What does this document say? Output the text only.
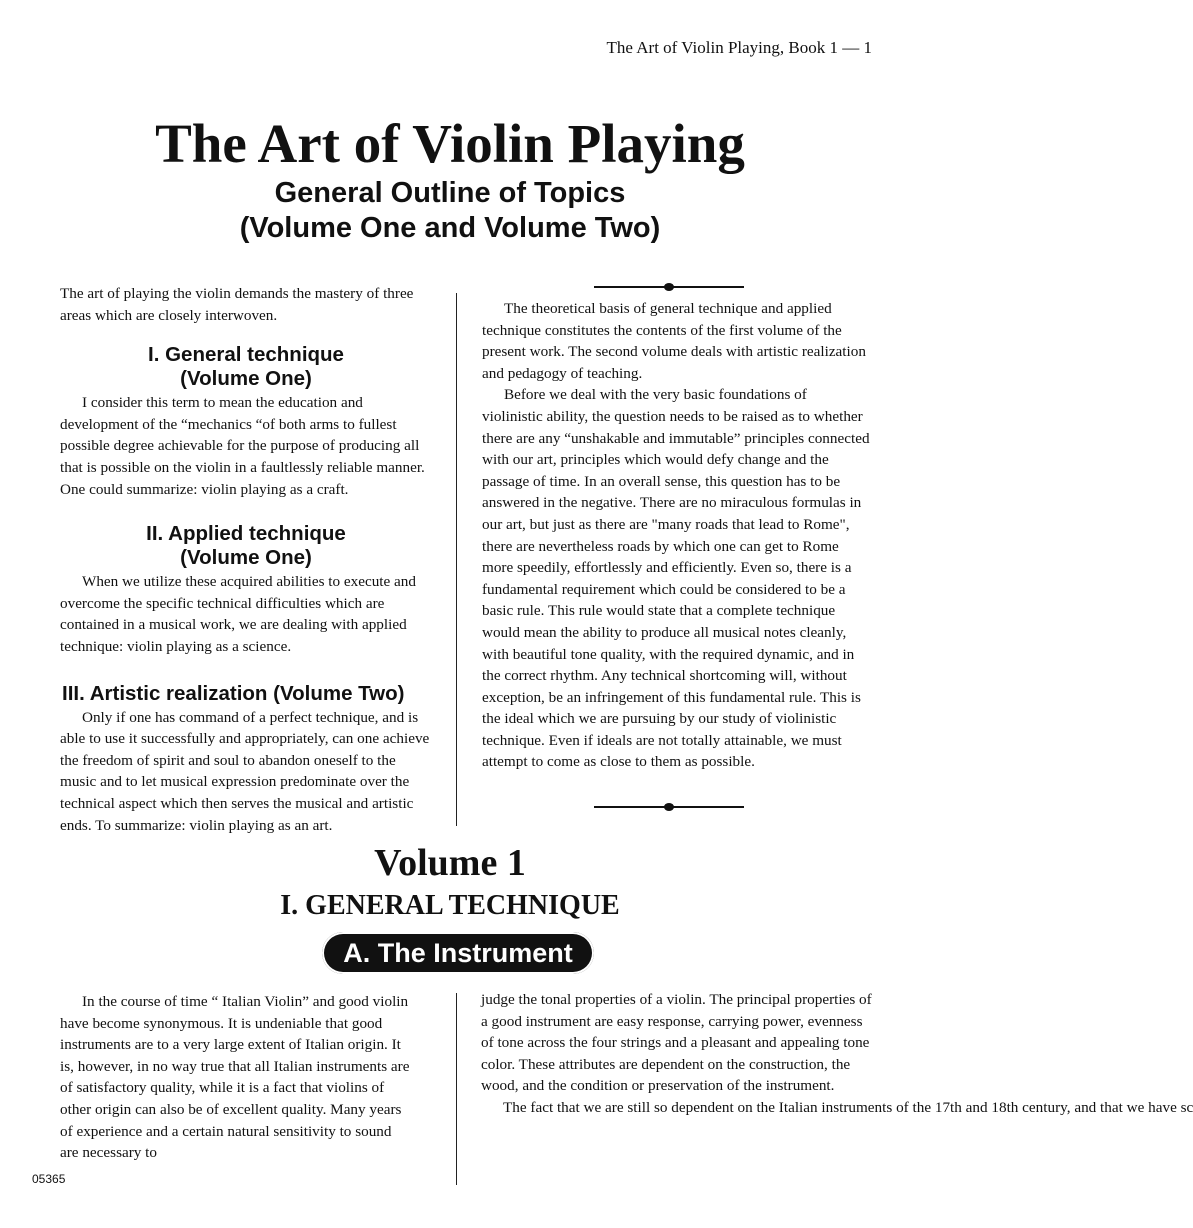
The Art of Violin Playing, Book 1 — 1
The Art of Violin Playing
General Outline of Topics
(Volume One and Volume Two)

The art of playing the violin demands the mastery of three areas which are closely interwoven.

I. General technique
(Volume One)

I consider this term to mean the education and development of the “mechanics “of both arms to fullest possible degree achievable for the purpose of producing all that is possible on the violin in a faultlessly reliable manner. One could summarize: violin playing as a craft.

II. Applied technique
(Volume One)

When we utilize these acquired abilities to execute and overcome the specific technical difficulties which are contained in a musical work, we are dealing with applied technique: violin playing as a science.

III. Artistic realization (Volume Two)

Only if one has command of a perfect technique, and is able to use it successfully and appropriately, can one achieve the freedom of spirit and soul to abandon oneself to the music and to let musical expression predominate over the technical aspect which then serves the musical and artistic ends. To summarize: violin playing as an art.

The theoretical basis of general technique and applied technique constitutes the contents of the first volume of the present work. The second volume deals with artistic realization and pedagogy of teaching.

Before we deal with the very basic foundations of violinistic ability, the question needs to be raised as to whether there are any “unshakable and immutable” principles connected with our art, principles which would defy change and the passage of time. In an overall sense, this question has to be answered in the negative. There are no miraculous formulas in our art, but just as there are "many roads that lead to Rome", there are nevertheless roads by which one can get to Rome more speedily, effortlessly and efficiently. Even so, there is a fundamental requirement which could be considered to be a basic rule. This rule would state that a complete technique would mean the ability to produce all musical notes cleanly, with beautiful tone quality, with the required dynamic, and in the correct rhythm. Any technical shortcoming will, without exception, be an infringement of this fundamental rule. This is the ideal which we are pursuing by our study of violinistic technique. Even if ideals are not totally attainable, we must attempt to come as close to them as possible.

Volume 1
I. GENERAL TECHNIQUE
A. The Instrument

In the course of time “ Italian Violin” and good violin have become synonymous. It is undeniable that good instruments are to a very large extent of Italian origin. It is, however, in no way true that all Italian instruments are of satisfactory quality, while it is a fact that violins of other origin can also be of excellent quality. Many years of experience and a certain natural sensitivity to sound are necessary to

judge the tonal properties of a violin. The principal properties of a good instrument are easy response, carrying power, evenness of tone across the four strings and a pleasant and appealing tone color. These attributes are dependent on the construction, the wood, and the condition or preservation of the instrument.

The fact that we are still so dependent on the Italian instruments of the 17th and 18th century, and that we have sc

05365
